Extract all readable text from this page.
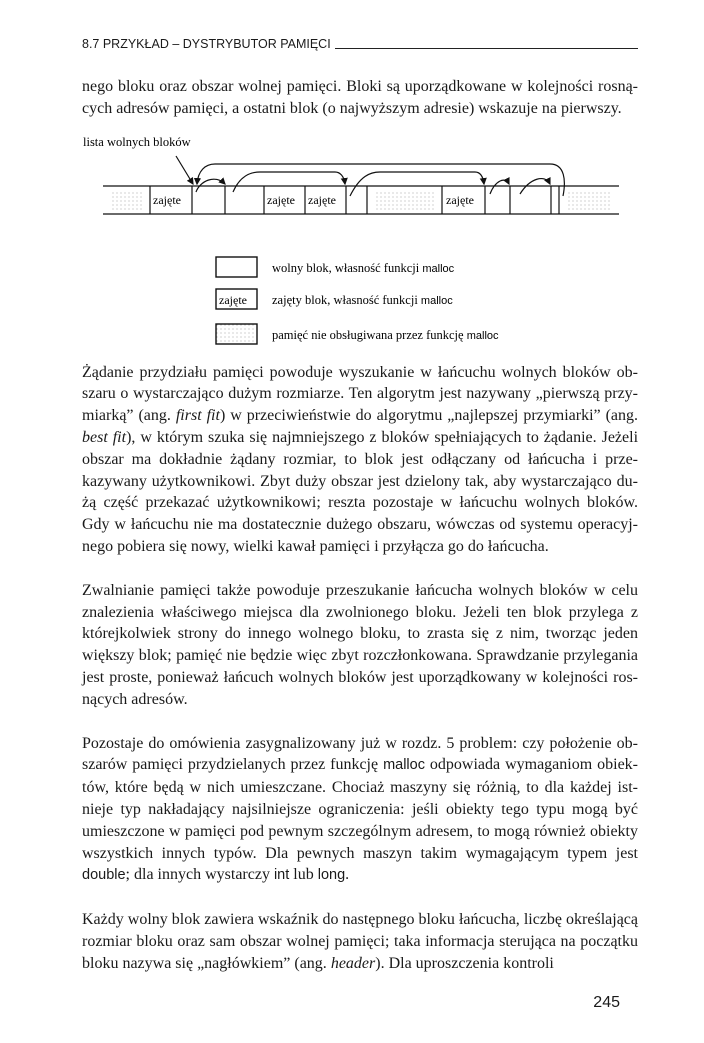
8.7 PRZYKŁAD – DYSTRYBUTOR PAMIĘCI

nego bloku oraz obszar wolnej pamięci. Bloki są uporządkowane w kolejności rosnących adresów pamięci, a ostatni blok (o najwyższym adresie) wskazuje na pierwszy.

lista wolnych bloków
zajęte	zajęte zajęte	zajęte
wolny blok, własność funkcji malloc
zajęte zajęty blok, własność funkcji malloc
pamięć nie obsługiwana przez funkcję malloc

Żądanie przydziału pamięci powoduje wyszukanie w łańcuchu wolnych bloków obszaru o wystarczająco dużym rozmiarze. Ten algorytm jest nazywany „pierwszą przymiarką” (ang. first fit) w przeciwieństwie do algorytmu „najlepszej przymiarki” (ang. best fit), w którym szuka się najmniejszego z bloków spełniających to żądanie. Jeżeli obszar ma dokładnie żądany rozmiar, to blok jest odłączany od łańcucha i przekazywany użytkownikowi. Zbyt duży obszar jest dzielony tak, aby wystarczająco dużą część przekazać użytkownikowi; reszta pozostaje w łańcuchu wolnych bloków. Gdy w łańcuchu nie ma dostatecznie dużego obszaru, wówczas od systemu operacyjnego pobiera się nowy, wielki kawał pamięci i przyłącza go do łańcucha.

Zwalnianie pamięci także powoduje przeszukanie łańcucha wolnych bloków w celu znalezienia właściwego miejsca dla zwolnionego bloku. Jeżeli ten blok przylega z którejkolwiek strony do innego wolnego bloku, to zrasta się z nim, tworząc jeden większy blok; pamięć nie będzie więc zbyt rozczłonkowana. Sprawdzanie przylegania jest proste, ponieważ łańcuch wolnych bloków jest uporządkowany w kolejności rosnących adresów.

Pozostaje do omówienia zasygnalizowany już w rozdz. 5 problem: czy położenie obszarów pamięci przydzielanych przez funkcję malloc odpowiada wymaganiom obiektów, które będą w nich umieszczane. Chociaż maszyny się różnią, to dla każdej istnieje typ nakładający najsilniejsze ograniczenia: jeśli obiekty tego typu mogą być umieszczone w pamięci pod pewnym szczególnym adresem, to mogą również obiekty wszystkich innych typów. Dla pewnych maszyn takim wymagającym typem jest double; dla innych wystarczy int lub long.

Każdy wolny blok zawiera wskaźnik do następnego bloku łańcucha, liczbę określającą rozmiar bloku oraz sam obszar wolnej pamięci; taka informacja sterująca na początku bloku nazywa się „nagłówkiem” (ang. header). Dla uproszczenia kontroli

245
